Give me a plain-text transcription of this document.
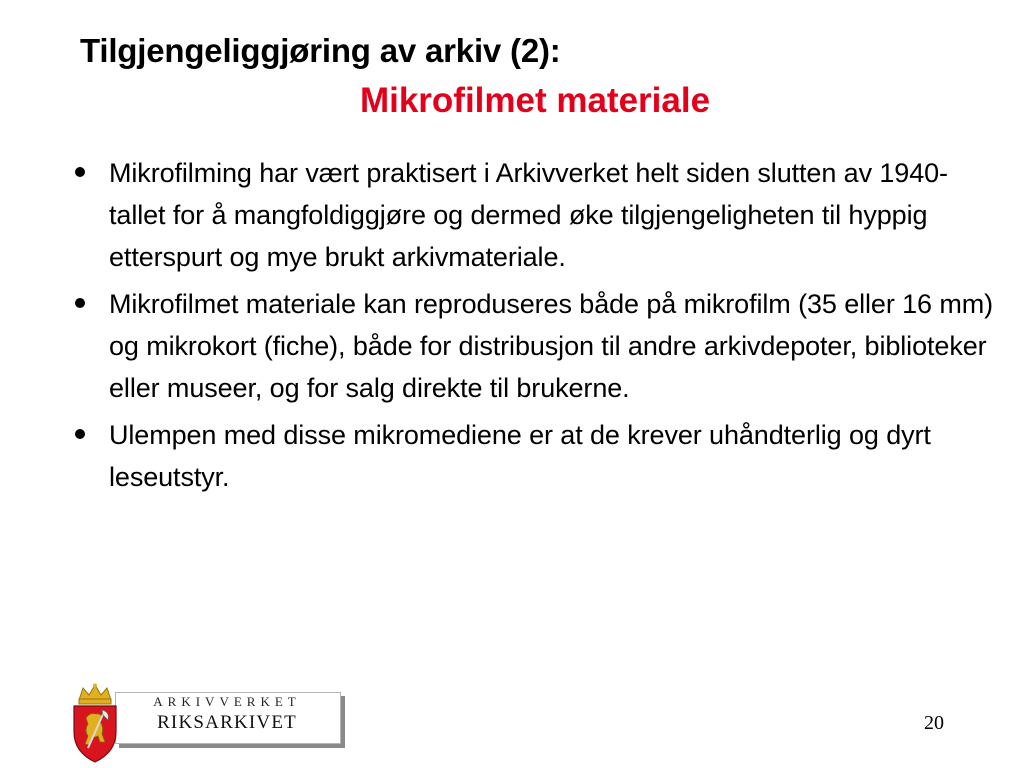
Tilgjengeliggjøring av arkiv (2):
Mikrofilmet materiale
Mikrofilming har vært praktisert i Arkivverket helt siden slutten av 1940-tallet for å mangfoldiggjøre og dermed øke tilgjengeligheten til hyppig etterspurt og mye brukt arkivmateriale.
Mikrofilmet materiale kan reproduseres både på mikrofilm (35 eller 16 mm) og mikrokort (fiche), både for distribusjon til andre arkivdepoter, biblioteker eller museer, og for salg direkte til brukerne.
Ulempen med disse mikromediene er at de krever uhåndterlig og dyrt leseutstyr.
ARKIVVERKET
RIKSARKIVET	20
